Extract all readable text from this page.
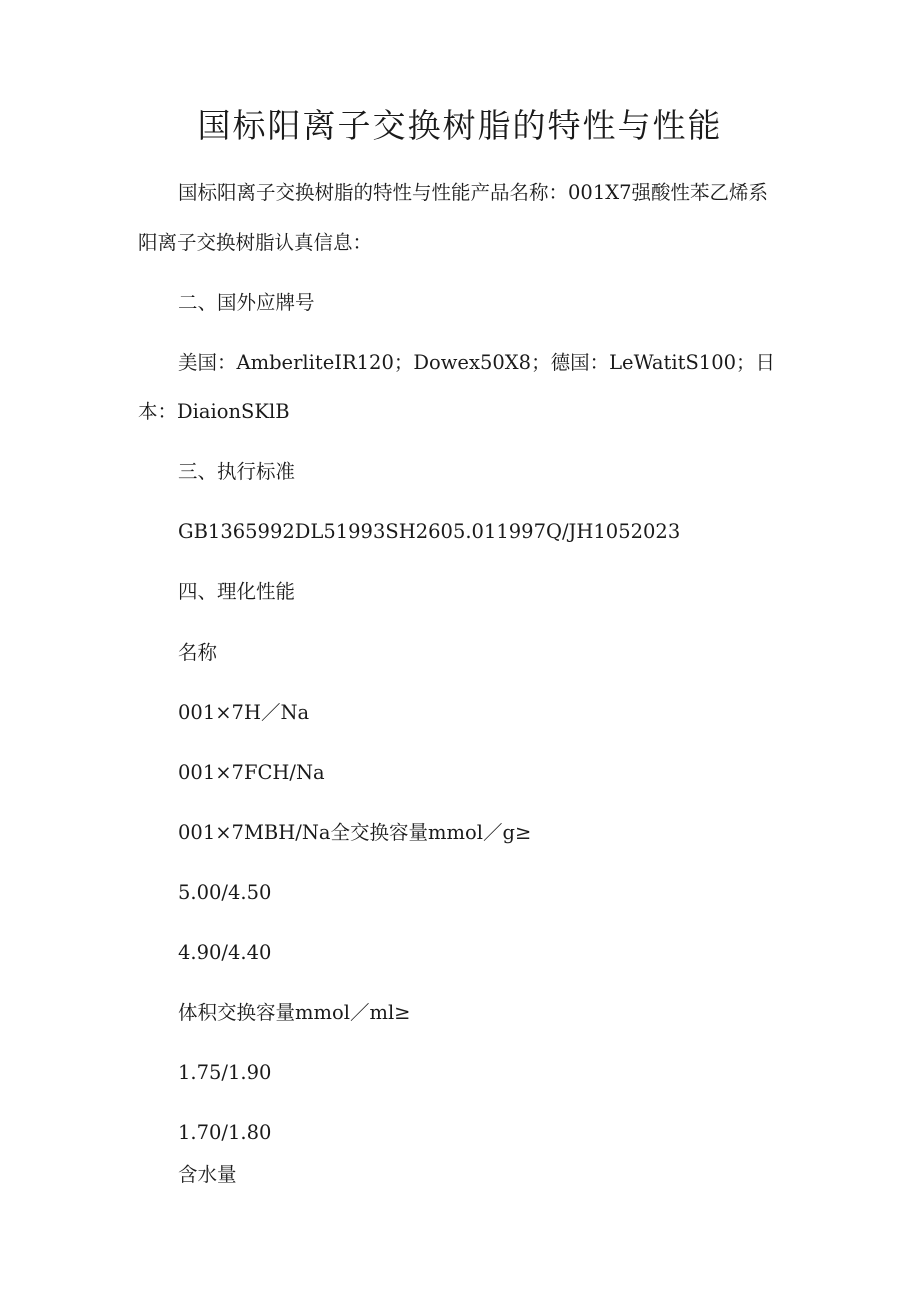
国标阳离子交换树脂的特性与性能
国标阳离子交换树脂的特性与性能产品名称：001X7强酸性苯乙烯系
阳离子交换树脂认真信息：
二、国外应牌号
美国：AmberliteIR120；Dowex50X8；德国：LeWatitS100；日
本：DiaionSKlB
三、执行标准
GB1365992DL51993SH2605.011997Q/JH1052023
四、理化性能
名称
001×7H／Na
001×7FCH/Na
001×7MBH/Na全交换容量mmol／g≥
5.00/4.50
4.90/4.40
体积交换容量mmol／ml≥
1.75/1.90
1.70/1.80
含水量
